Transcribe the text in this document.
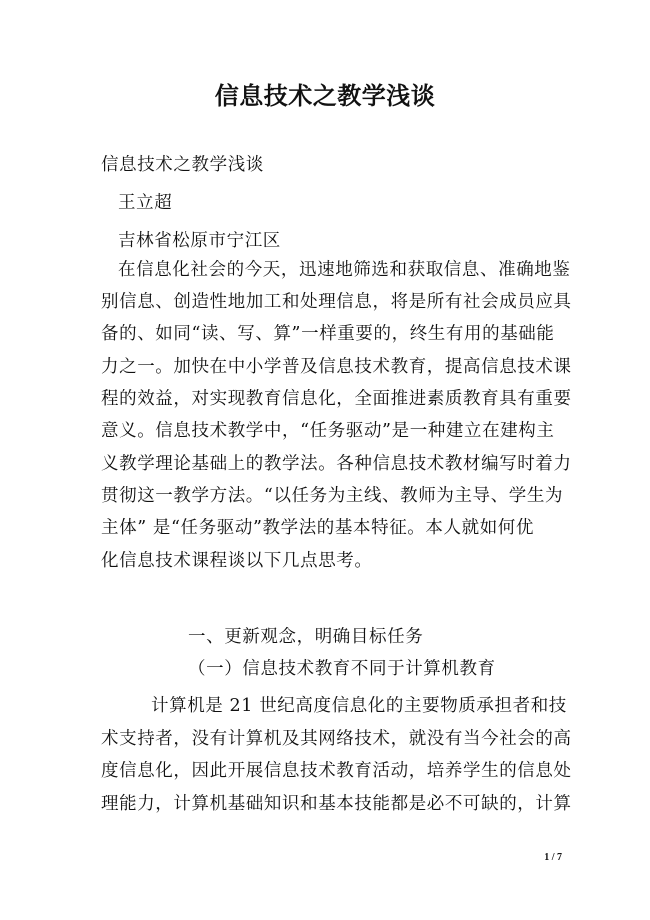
信息技术之教学浅谈
信息技术之教学浅谈
王立超
吉林省松原市宁江区
在信息化社会的今天，迅速地筛选和获取信息、准确地鉴
别信息、创造性地加工和处理信息，将是所有社会成员应具
备的、如同“读、写、算”一样重要的，终生有用的基础能
力之一。加快在中小学普及信息技术教育，提高信息技术课
程的效益，对实现教育信息化，全面推进素质教育具有重要
意义。信息技术教学中，“任务驱动”是一种建立在建构主
义教学理论基础上的教学法。各种信息技术教材编写时着力
贯彻这一教学方法。“以任务为主线、教师为主导、学生为
主体” 是“任务驱动”教学法的基本特征。本人就如何优
化信息技术课程谈以下几点思考。
一、更新观念，明确目标任务
（一）信息技术教育不同于计算机教育
计算机是 21 世纪高度信息化的主要物质承担者和技
术支持者，没有计算机及其网络技术，就没有当今社会的高
度信息化，因此开展信息技术教育活动，培养学生的信息处
理能力，计算机基础知识和基本技能都是必不可缺的，计算
1 / 7
